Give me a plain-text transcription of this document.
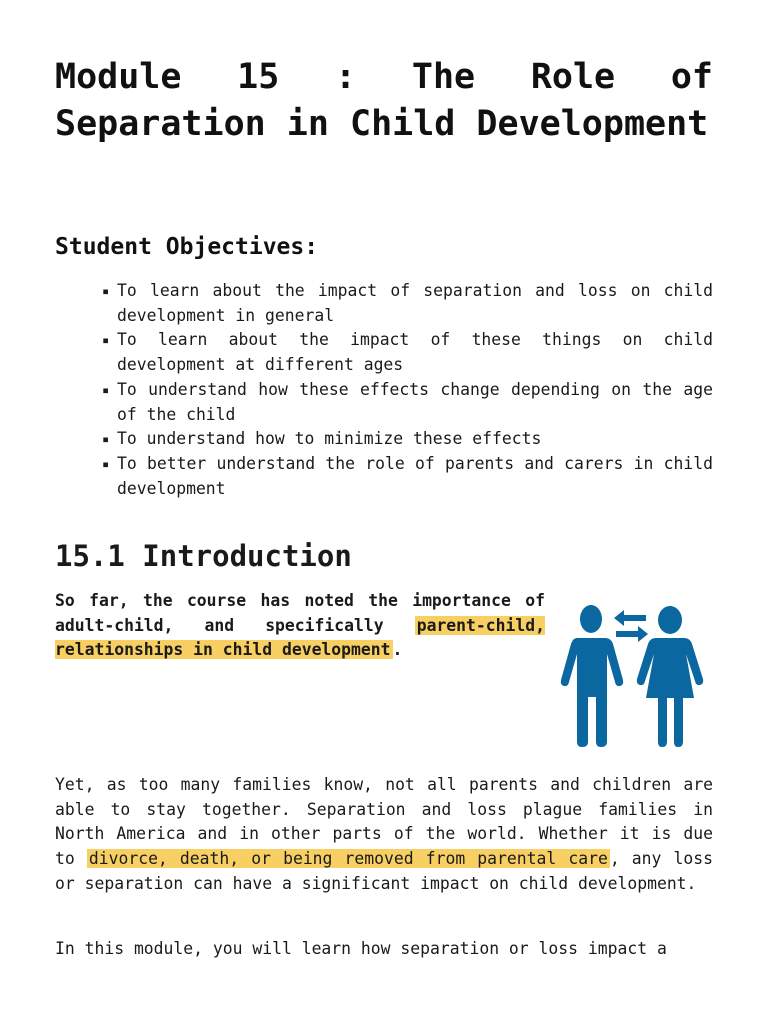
Module 15 : The Role of Separation in Child Development
Student Objectives:
▪ To learn about the impact of separation and loss on child development in general
▪ To learn about the impact of these things on child development at different ages
▪ To understand how these effects change depending on the age of the child
▪ To understand how to minimize these effects
▪ To better understand the role of parents and carers in child development
15.1 Introduction

So far, the course has noted the importance of adult-child, and specifically parent-child, relationships in child development .

Yet, as too many families know, not all parents and children are able to stay together. Separation and loss plague families in North America and in other parts of the world. Whether it is due to divorce, death, or being removed from parental care , any loss or separation can have a significant impact on child development.

In this module, you will learn how separation or loss impact a
